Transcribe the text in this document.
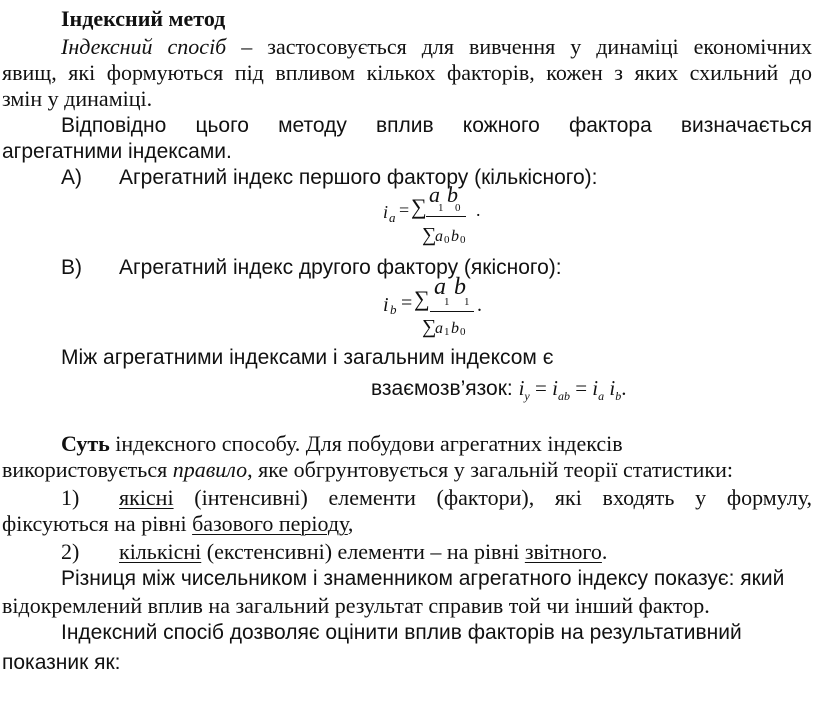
Індексний метод
Індексний спосіб – застосовується для вивчення у динаміці економічних
явищ, які формуються під впливом кількох факторів, кожен з яких схильний до
змін у динаміці.
Відповідно цього методу вплив кожного фактора визначається
агрегатними індексами.
А) Агрегатний індекс першого фактору (кількісного):
i a = ∑ a b
1 0 .
∑
a 0 b 0
В) Агрегатний індекс другого фактору (якісного):
i b = ∑ a b
1 1 .
∑
a 1 b 0
Між агрегатними індексами і загальним індексом є
взаємозв’язок: $i_y = i_{ab} = i_a$ $i_b$.
Суть індексного способу. Для побудови агрегатних індексів
використовується правило, яке обгрунтовується у загальній теорії статистики:
1) якісні (інтенсивні) елементи (фактори), які входять у формулу,
фіксуються на рівні базового періоду,
2) кількісні (екстенсивні) елементи – на рівні звітного.
Різниця між чисельником і знаменником агрегатного індексу показує: який
відокремлений вплив на загальний результат справив той чи інший фактор.
Індексний спосіб дозволяє оцінити вплив факторів на результативний
показник як:
